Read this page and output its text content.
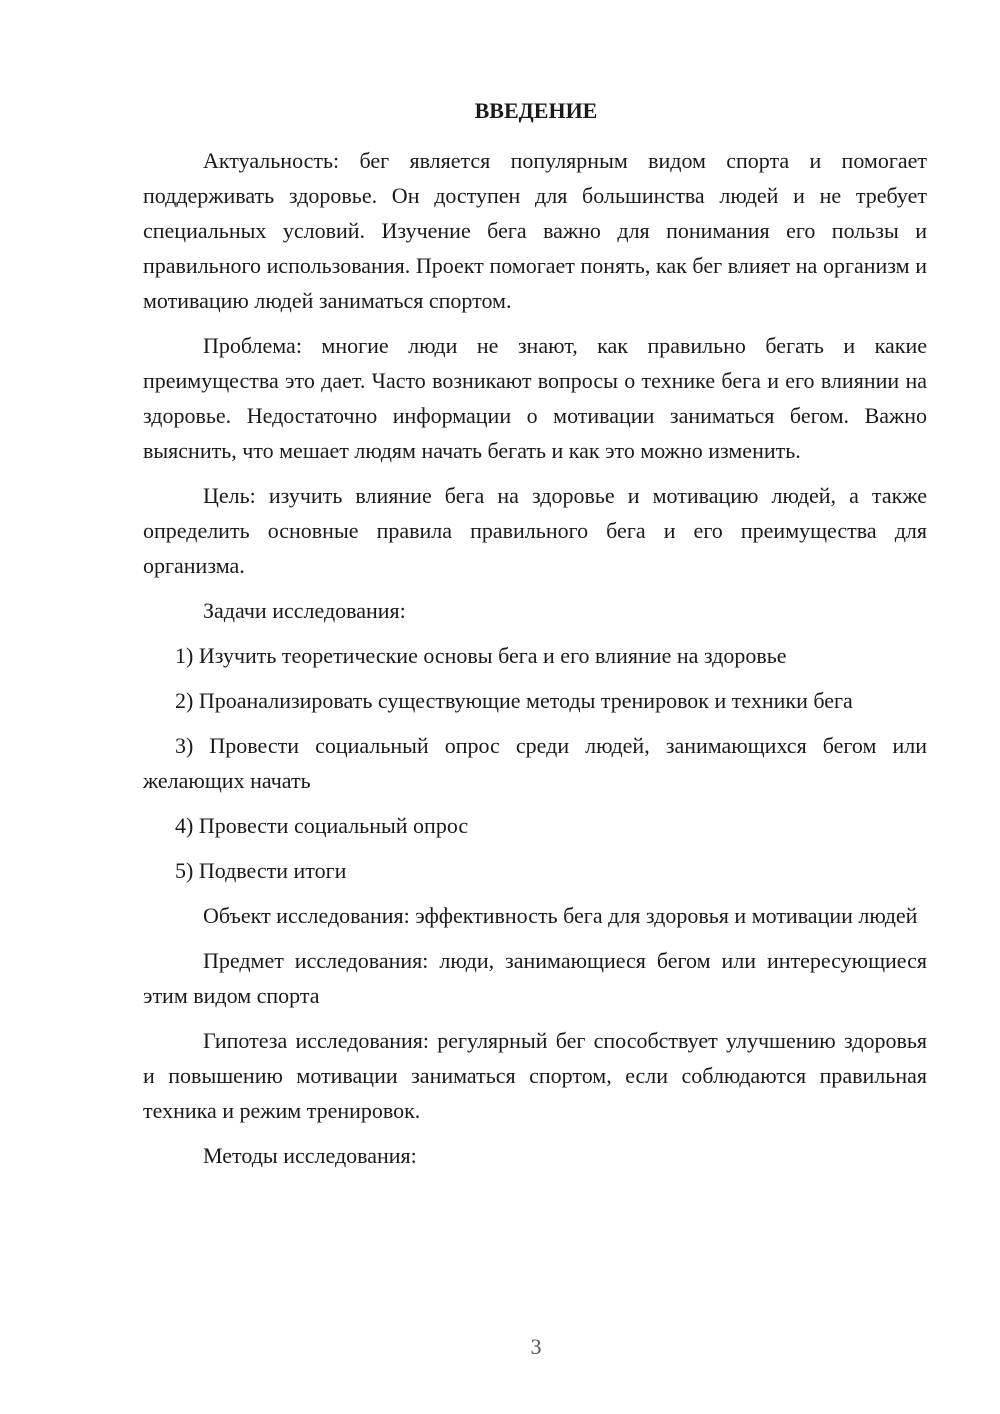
ВВЕДЕНИЕ

Актуальность: бег является популярным видом спорта и помогает поддерживать здоровье. Он доступен для большинства людей и не требует специальных условий. Изучение бега важно для понимания его пользы и правильного использования. Проект помогает понять, как бег влияет на организм и мотивацию людей заниматься спортом.

Проблема: многие люди не знают, как правильно бегать и какие преимущества это дает. Часто возникают вопросы о технике бега и его влиянии на здоровье. Недостаточно информации о мотивации заниматься бегом. Важно выяснить, что мешает людям начать бегать и как это можно изменить.

Цель: изучить влияние бега на здоровье и мотивацию людей, а также определить основные правила правильного бега и его преимущества для организма.

Задачи исследования:

1) Изучить теоретические основы бега и его влияние на здоровье

2) Проанализировать существующие методы тренировок и техники бега

3) Провести социальный опрос среди людей, занимающихся бегом или желающих начать

4) Провести социальный опрос

5) Подвести итоги

Объект исследования: эффективность бега для здоровья и мотивации людей

Предмет исследования: люди, занимающиеся бегом или интересующиеся этим видом спорта

Гипотеза исследования: регулярный бег способствует улучшению здоровья и повышению мотивации заниматься спортом, если соблюдаются правильная техника и режим тренировок.

Методы исследования:

3
